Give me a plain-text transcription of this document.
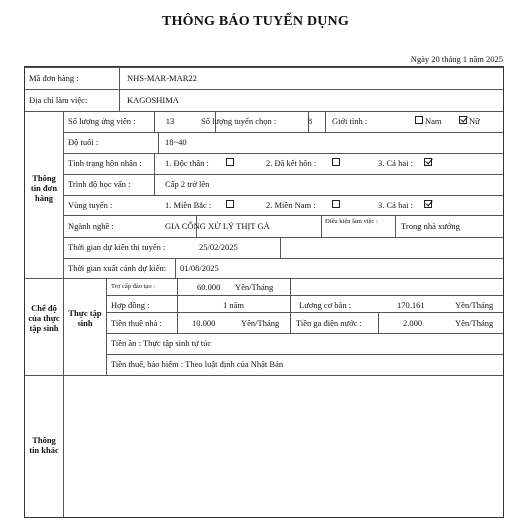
THÔNG BÁO TUYỂN DỤNG
Ngày 20 tháng 1 năm 2025
Mã đơn hàng :	NHS-MAR-MAR22
Địa chỉ làm việc:	KAGOSHIMA
Thông tin đơn hàng
Số lượng ứng viên :	13	Số lượng tuyển chọn :	8	Giới tính :	Nam	Nữ
Độ tuổi :	18~40
Tình trạng hôn nhân :	1. Độc thân :	2. Đã kết hôn :	3. Cả hai :
Trình độ học vấn :	Cấp 2 trở lên
Vùng tuyển :	1. Miền Bắc :	2. Miền Nam :	3. Cả hai :
Ngành nghề :	GIA CÔNG XỬ LÝ THỊT GÀ	Điều kiện làm việc :	Trong nhà xưởng
Thời gian dự kiến thi tuyển :	25/02/2025
Thời gian xuất cảnh dự kiến: 01/08/2025
Chế độ của thực tập sinh
Thực tập sinh
Trợ cấp đào tạo :	60.000 Yên/Tháng
Hợp đồng :	1 năm	Lương cơ bản :	170.161	Yên/Tháng
Tiền thuê nhà :	10.000	Yên/Tháng Tiền ga điện nước :	2.000	Yên/Tháng
Tiền ăn : Thực tập sinh tự túc
Tiền thuế, bảo hiểm : Theo luật định của Nhật Bản
Thông tin khác
